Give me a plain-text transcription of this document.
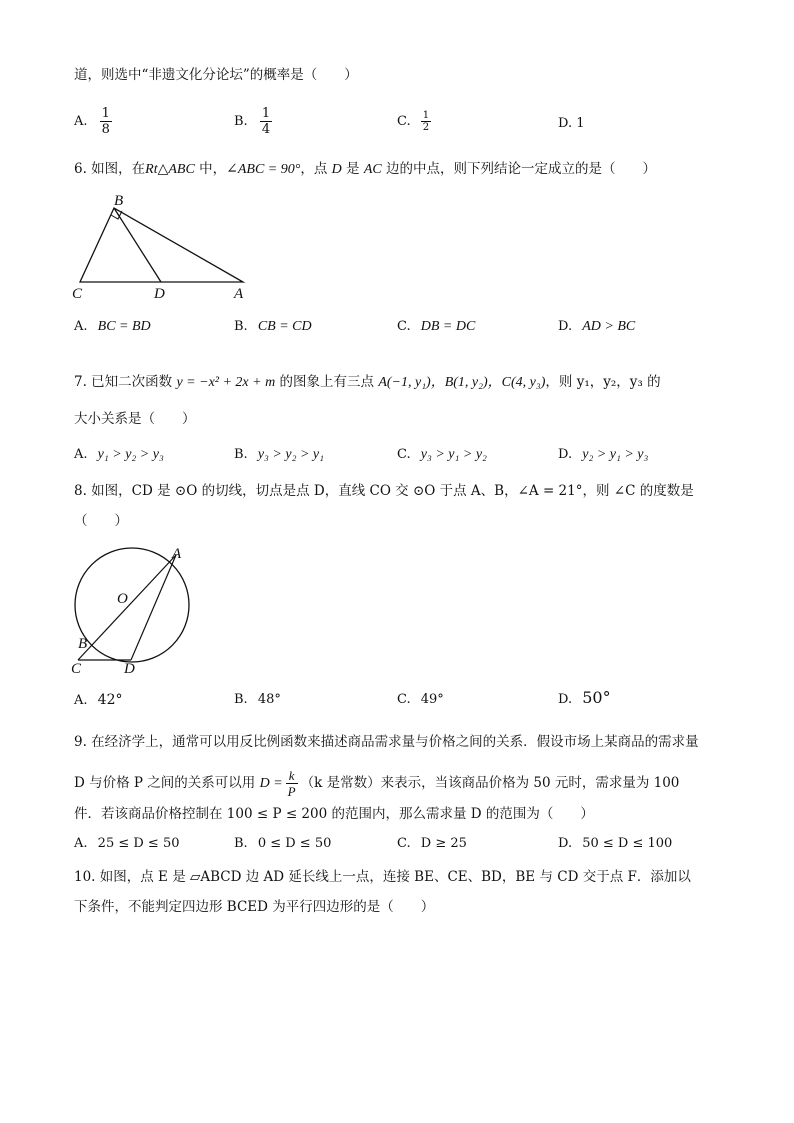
道，则选中“非遗文化分论坛”的概率是（　　）
A. $\frac{1}{8}$	B. $\frac{1}{4}$	C. $\frac{1}{2}$	D. 1
6. 如图，在Rt△ABC 中，∠ABC = 90°，点 D 是 AC 边的中点，则下列结论一定成立的是（　　）
B
C	D	A
A. BC = BD	B. CB = CD	C. DB = DC	D. AD > BC
7. 已知二次函数 y = −x² + 2x + m 的图象上有三点 A(−1, y₁)，B(1, y₂)，C(4, y₃)，则 y₁，y₂，y₃ 的
大小关系是（　　）
A. y₁ > y₂ > y₃	B. y₃ > y₂ > y₁	C. y₃ > y₁ > y₂	D. y₂ > y₁ > y₃
8. 如图，CD 是 ⊙O 的切线，切点是点 D，直线 CO 交 ⊙O 于点 A、B，∠A = 21°，则 ∠C 的度数是
（　　）
A
O
B
C	D
A. 42°	B. 48°	C. 49°	D. 50°
9. 在经济学上，通常可以用反比例函数来描述商品需求量与价格之间的关系．假设市场上某商品的需求量
D 与价格 P 之间的关系可以用 $D = \frac{k}{P} (k$ 是常数）来表示，当该商品价格为 50 元时，需求量为 100
件．若该商品价格控制在 100 ≤ P ≤ 200 的范围内，那么需求量 D 的范围为（　　）
A. 25 ≤ D ≤ 50	B. 0 ≤ D ≤ 50	C. D ≥ 25	D. 50 ≤ D ≤ 100
10. 如图，点 E 是 ▱ABCD 边 AD 延长线上一点，连接 BE、CE、BD，BE 与 CD 交于点 F．添加以
下条件，不能判定四边形 BCED 为平行四边形的是（　　）
